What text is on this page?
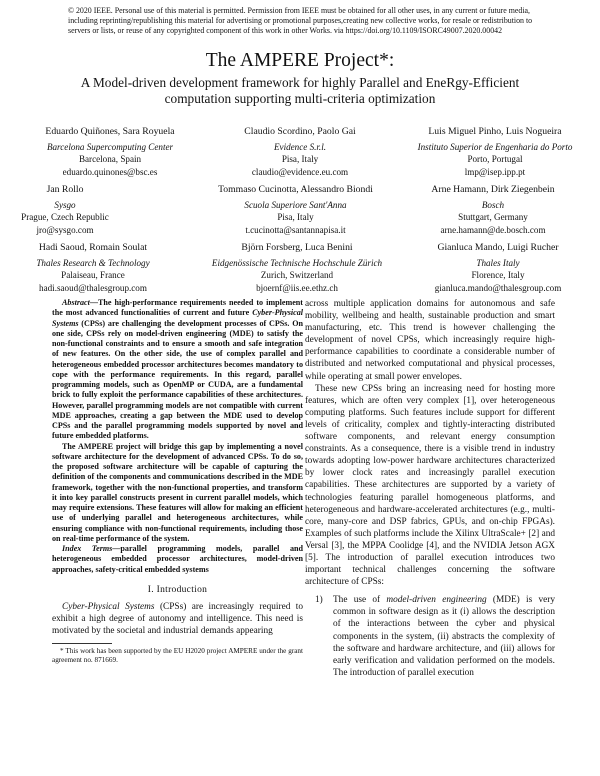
© 2020 IEEE. Personal use of this material is permitted. Permission from IEEE must be obtained for all other uses, in any current or future media, including reprinting/republishing this material for advertising or promotional purposes,creating new collective works, for resale or redistribution to servers or lists, or reuse of any copyrighted component of this work in other Works. via https://doi.org/10.1109/ISORC49007.2020.00042
The AMPERE Project*:
A Model-driven development framework for highly Parallel and EneRgy-Efficient computation supporting multi-criteria optimization
Eduardo Quiñones, Sara Royuela
Barcelona Supercomputing Center
Barcelona, Spain
eduardo.quinones@bsc.es
Claudio Scordino, Paolo Gai
Evidence S.r.l.
Pisa, Italy
claudio@evidence.eu.com
Luis Miguel Pinho, Luis Nogueira
Instituto Superior de Engenharia do Porto
Porto, Portugal
lmp@isep.ipp.pt
Jan Rollo
Sysgo
Prague, Czech Republic
jro@sysgo.com
Tommaso Cucinotta, Alessandro Biondi
Scuola Superiore Sant'Anna
Pisa, Italy
t.cucinotta@santannapisa.it
Arne Hamann, Dirk Ziegenbein
Bosch
Stuttgart, Germany
arne.hamann@de.bosch.com
Hadi Saoud, Romain Soulat
Thales Research & Technology
Palaiseau, France
hadi.saoud@thalesgroup.com
Björn Forsberg, Luca Benini
Eidgenössische Technische Hochschule Zürich
Zurich, Switzerland
bjoernf@iis.ee.ethz.ch
Gianluca Mando, Luigi Rucher
Thales Italy
Florence, Italy
gianluca.mando@thalesgroup.com

Abstract—The high-performance requirements needed to implement the most advanced functionalities of current and future Cyber-Physical Systems (CPSs) are challenging the development processes of CPSs. On one side, CPSs rely on model-driven engineering (MDE) to satisfy the non-functional constraints and to ensure a smooth and safe integration of new features. On the other side, the use of complex parallel and heterogeneous embedded processor architectures becomes mandatory to cope with the performance requirements. In this regard, parallel programming models, such as OpenMP or CUDA, are a fundamental brick to fully exploit the performance capabilities of these architectures. However, parallel programming models are not compatible with current MDE approaches, creating a gap between the MDE used to develop CPSs and the parallel programming models supported by novel and future embedded platforms.

The AMPERE project will bridge this gap by implementing a novel software architecture for the development of advanced CPSs. To do so, the proposed software architecture will be capable of capturing the definition of the components and communications described in the MDE framework, together with the non-functional properties, and transform it into key parallel constructs present in current parallel models, which may require extensions. These features will allow for making an efficient use of underlying parallel and heterogeneous architectures, while ensuring compliance with non-functional requirements, including those on real-time performance of the system.

Index Terms—parallel programming models, parallel and heterogeneous embedded processor architectures, model-driven approaches, safety-critical embedded systems

I. Introduction

Cyber-Physical Systems (CPSs) are increasingly required to exhibit a high degree of autonomy and intelligence. This need is motivated by the societal and industrial demands appearing

* This work has been supported by the EU H2020 project AMPERE under the grant agreement no. 871669.

across multiple application domains for autonomous and safe mobility, wellbeing and health, sustainable production and smart manufacturing, etc. This trend is however challenging the development of novel CPSs, which increasingly require high-performance capabilities to coordinate a considerable number of distributed and networked computational and physical processes, while operating at small power envelopes.

These new CPSs bring an increasing need for hosting more features, which are often very complex [1], over heterogeneous computing platforms. Such features include support for different levels of criticality, complex and tightly-interacting distributed software components, and relevant energy consumption constraints. As a consequence, there is a visible trend in industry towards adopting low-power hardware architectures characterized by lower clock rates and increasingly parallel execution capabilities. These architectures are supported by a variety of technologies featuring parallel homogeneous platforms, and heterogeneous and hardware-accelerated architectures (e.g., multi-core, many-core and DSP fabrics, GPUs, and on-chip FPGAs). Examples of such platforms include the Xilinx UltraScale+ [2] and Versal [3], the MPPA Coolidge [4], and the NVIDIA Jetson AGX [5]. The introduction of parallel execution introduces two important technical challenges concerning the software architecture of CPSs:

1) The use of model-driven engineering (MDE) is very common in software design as it (i) allows the description of the interactions between the cyber and physical components in the system, (ii) abstracts the complexity of the software and hardware architecture, and (iii) allows for early verification and validation performed on the models. The introduction of parallel execution
